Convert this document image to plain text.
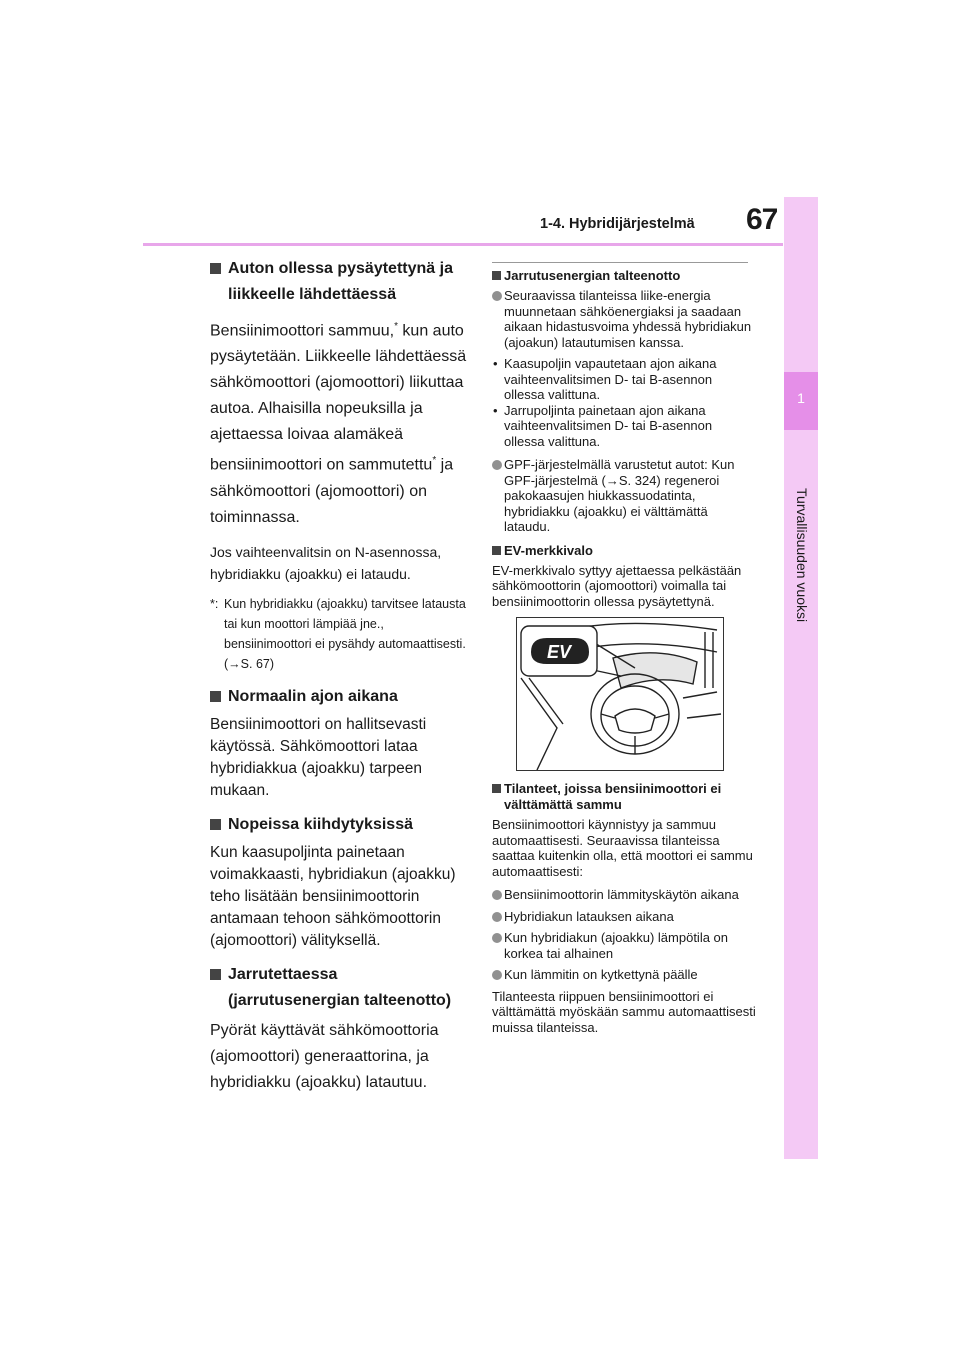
1-4. Hybridijärjestelmä 67
1
Turvallisuuden vuoksi

Auton ollessa pysäytettynä ja liikkeelle lähdettäessä

Bensiinimoottori sammuu,* kun auto pysäytetään. Liikkeelle lähdettäessä sähkömoottori (ajomoottori) liikuttaa autoa. Alhaisilla nopeuksilla ja ajettaessa loivaa alamäkeä bensiinimoottori on sammutettu* ja sähkömoottori (ajomoottori) on toiminnassa.

Jos vaihteenvalitsin on N-asennossa, hybridiakku (ajoakku) ei lataudu.

*: Kun hybridiakku (ajoakku) tarvitsee latausta tai kun moottori lämpiää jne., bensiinimoottori ei pysähdy automaattisesti. (→S. 67)

Normaalin ajon aikana

Bensiinimoottori on hallitsevasti käytössä. Sähkömoottori lataa hybridiakkua (ajoakku) tarpeen mukaan.

Nopeissa kiihdytyksissä

Kun kaasupoljinta painetaan voimakkaasti, hybridiakun (ajoakku) teho lisätään bensiinimoottorin antamaan tehoon sähkömoottorin (ajomoottori) välityksellä.

Jarrutettaessa (jarrutusenergian talteenotto)

Pyörät käyttävät sähkömoottoria (ajomoottori) generaattorina, ja hybridiakku (ajoakku) latautuu.

Jarrutusenergian talteenotto

Seuraavissa tilanteissa liike-energia muunnetaan sähköenergiaksi ja saadaan aikaan hidastusvoima yhdessä hybridiakun (ajoakun) latautumisen kanssa.
• Kaasupoljin vapautetaan ajon aikana vaihteenvalitsimen D- tai B-asennon ollessa valittuna.
• Jarrupoljinta painetaan ajon aikana vaihteenvalitsimen D- tai B-asennon ollessa valittuna.
GPF-järjestelmällä varustetut autot: Kun GPF-järjestelmä (→S. 324) regeneroi pakokaasujen hiukkassuodatinta, hybridiakku (ajoakku) ei välttämättä lataudu.

EV-merkkivalo

EV-merkkivalo syttyy ajettaessa pelkästään sähkömoottorin (ajomoottori) voimalla tai bensiinimoottorin ollessa pysäytettynä.

EV

Tilanteet, joissa bensiinimoottori ei välttämättä sammu

Bensiinimoottori käynnistyy ja sammuu automaattisesti. Seuraavissa tilanteissa saattaa kuitenkin olla, että moottori ei sammu automaattisesti:

Bensiinimoottorin lämmityskäytön aikana
Hybridiakun latauksen aikana
Kun hybridiakun (ajoakku) lämpötila on korkea tai alhainen
Kun lämmitin on kytkettynä päälle

Tilanteesta riippuen bensiinimoottori ei välttämättä myöskään sammu automaattisesti muissa tilanteissa.
